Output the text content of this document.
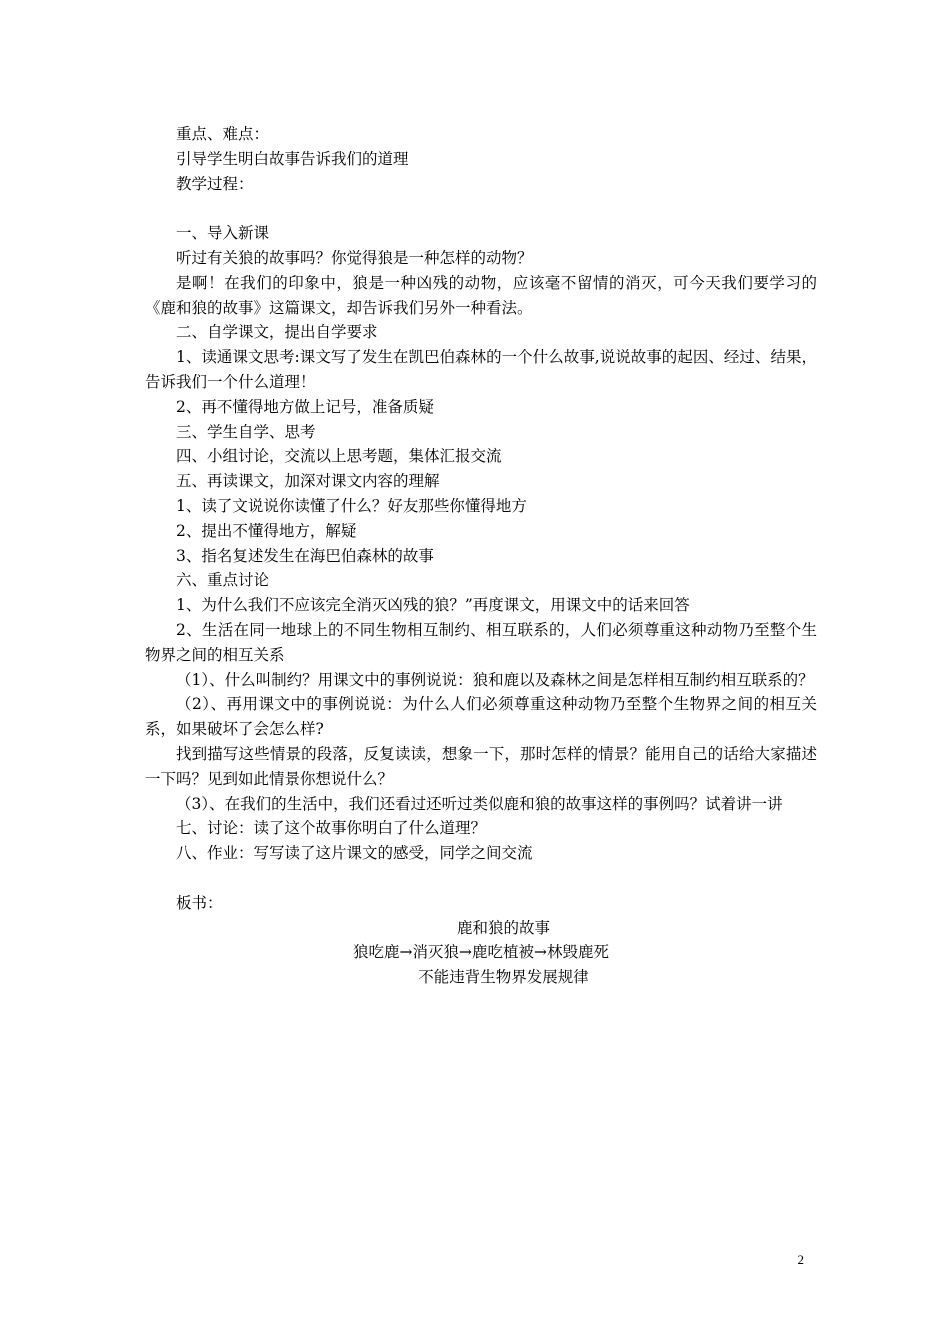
重点、难点：

引导学生明白故事告诉我们的道理

教学过程：

一、导入新课

听过有关狼的故事吗？你觉得狼是一种怎样的动物？

是啊！在我们的印象中，狼是一种凶残的动物，应该毫不留情的消灭，可今天我们要学习的《鹿和狼的故事》这篇课文，却告诉我们另外一种看法。

二、自学课文，提出自学要求

1、读通课文思考:课文写了发生在凯巴伯森林的一个什么故事,说说故事的起因、经过、结果，告诉我们一个什么道理！

2、再不懂得地方做上记号，准备质疑

三、学生自学、思考

四、小组讨论，交流以上思考题，集体汇报交流

五、再读课文，加深对课文内容的理解

1、读了文说说你读懂了什么？好友那些你懂得地方

2、提出不懂得地方，解疑

3、指名复述发生在海巴伯森林的故事

六、重点讨论

1、为什么我们不应该完全消灭凶残的狼？”再度课文，用课文中的话来回答

2、生活在同一地球上的不同生物相互制约、相互联系的，人们必须尊重这种动物乃至整个生物界之间的相互关系

（1）、什么叫制约？用课文中的事例说说：狼和鹿以及森林之间是怎样相互制约相互联系的？

（2）、再用课文中的事例说说：为什么人们必须尊重这种动物乃至整个生物界之间的相互关系，如果破坏了会怎么样?

找到描写这些情景的段落，反复读读，想象一下，那时怎样的情景？能用自己的话给大家描述一下吗？见到如此情景你想说什么？

（3）、在我们的生活中，我们还看过还听过类似鹿和狼的故事这样的事例吗？试着讲一讲

七、讨论：读了这个故事你明白了什么道理？

八、作业：写写读了这片课文的感受，同学之间交流

板书：

鹿和狼的故事

狼吃鹿→消灭狼→鹿吃植被→林毁鹿死

不能违背生物界发展规律

2
